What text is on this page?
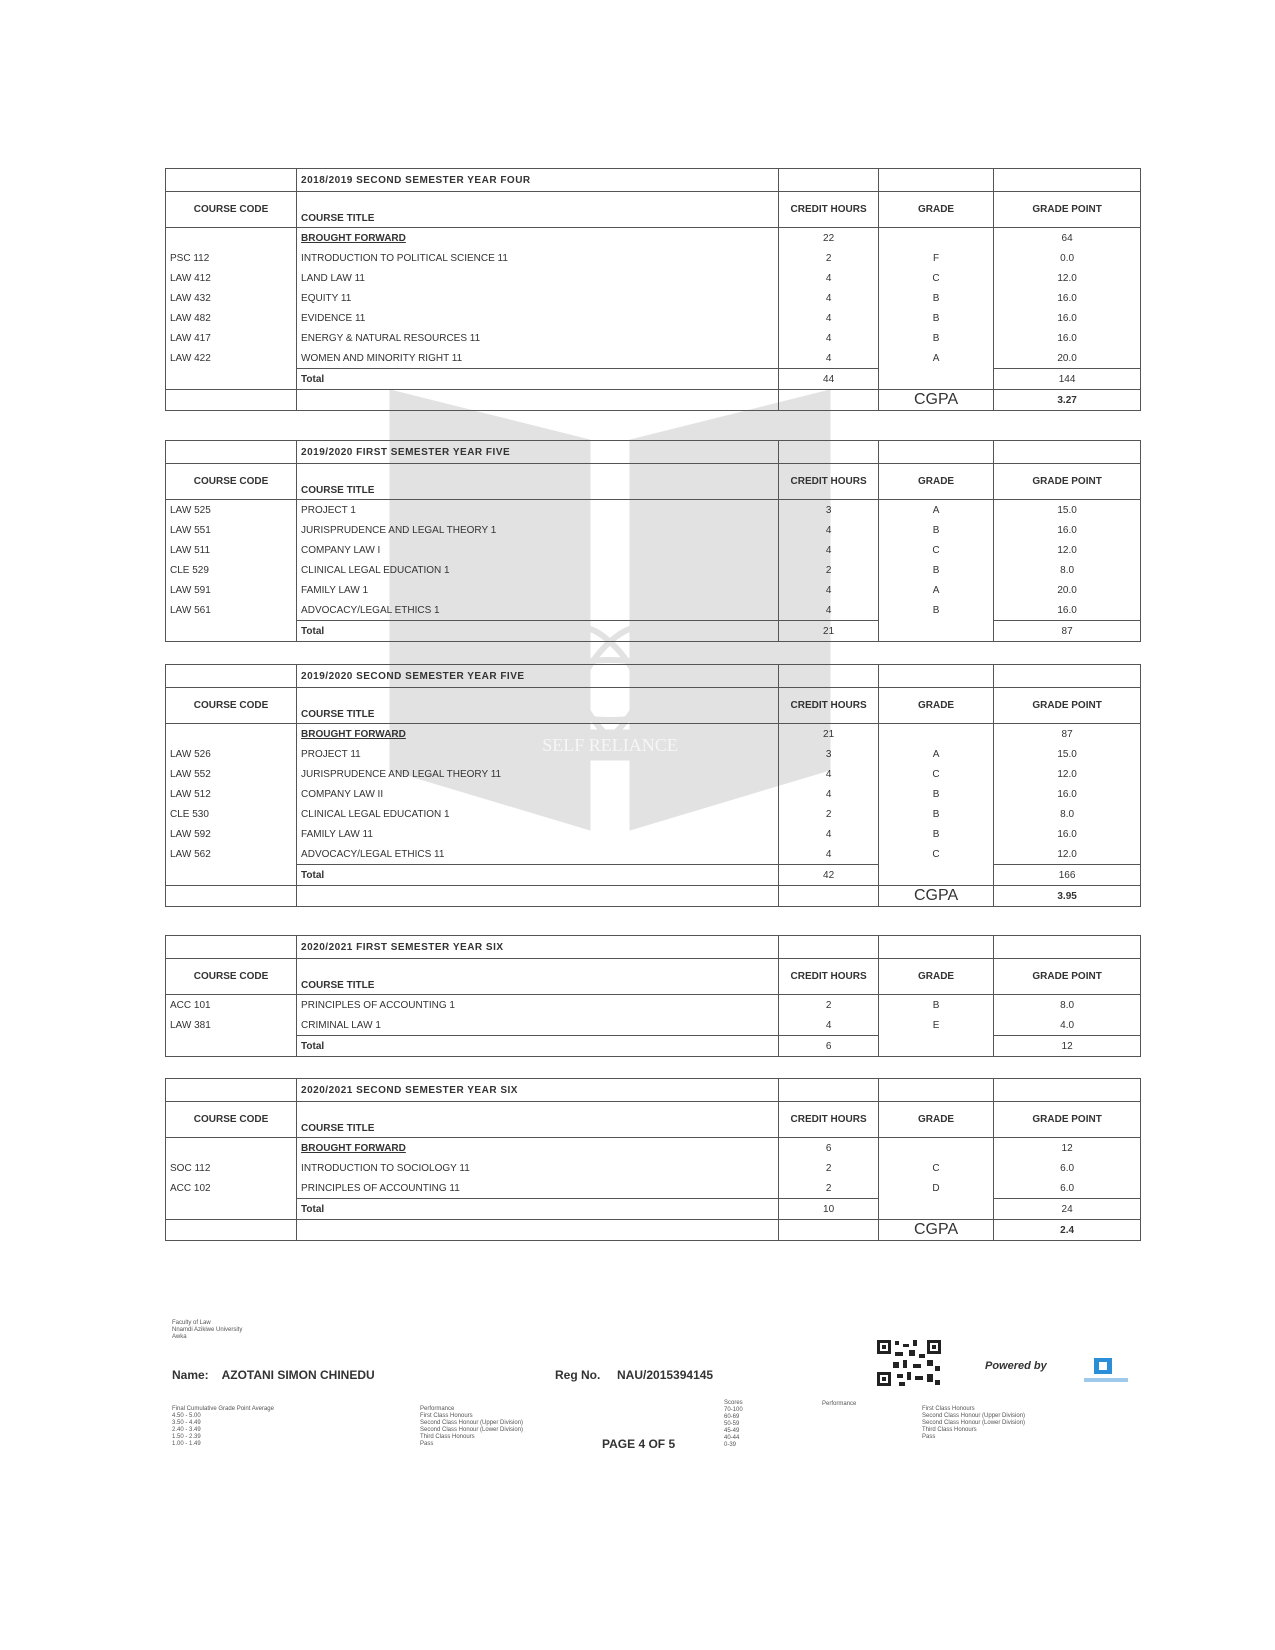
SELF RELIANCE
	2018/2019 SECOND SEMESTER YEAR FOUR			
COURSE CODE	COURSE TITLE	CREDIT HOURS	GRADE	GRADE POINT
	BROUGHT FORWARD	22		64
PSC 112	INTRODUCTION TO POLITICAL SCIENCE 11	2	F	0.0
LAW 412	LAND LAW 11	4	C	12.0
LAW 432	EQUITY 11	4	B	16.0
LAW 482	EVIDENCE 11	4	B	16.0
LAW 417	ENERGY & NATURAL RESOURCES 11	4	B	16.0
LAW 422	WOMEN AND MINORITY RIGHT 11	4	A	20.0
	Total	44		144
			CGPA	3.27
	2019/2020 FIRST SEMESTER YEAR FIVE			
COURSE CODE	COURSE TITLE	CREDIT HOURS	GRADE	GRADE POINT
LAW 525	PROJECT 1	3	A	15.0
LAW 551	JURISPRUDENCE AND LEGAL THEORY 1	4	B	16.0
LAW 511	COMPANY LAW I	4	C	12.0
CLE 529	CLINICAL LEGAL EDUCATION 1	2	B	8.0
LAW 591	FAMILY LAW 1	4	A	20.0
LAW 561	ADVOCACY/LEGAL ETHICS 1	4	B	16.0
	Total	21		87
	2019/2020 SECOND SEMESTER YEAR FIVE			
COURSE CODE	COURSE TITLE	CREDIT HOURS	GRADE	GRADE POINT
	BROUGHT FORWARD	21		87
LAW 526	PROJECT 11	3	A	15.0
LAW 552	JURISPRUDENCE AND LEGAL THEORY 11	4	C	12.0
LAW 512	COMPANY LAW II	4	B	16.0
CLE 530	CLINICAL LEGAL EDUCATION 1	2	B	8.0
LAW 592	FAMILY LAW 11	4	B	16.0
LAW 562	ADVOCACY/LEGAL ETHICS 11	4	C	12.0
	Total	42		166
			CGPA	3.95
	2020/2021 FIRST SEMESTER YEAR SIX			
COURSE CODE	COURSE TITLE	CREDIT HOURS	GRADE	GRADE POINT
ACC 101	PRINCIPLES OF ACCOUNTING 1	2	B	8.0
LAW 381	CRIMINAL LAW 1	4	E	4.0
	Total	6		12
	2020/2021 SECOND SEMESTER YEAR SIX			
COURSE CODE	COURSE TITLE	CREDIT HOURS	GRADE	GRADE POINT
	BROUGHT FORWARD	6		12
SOC 112	INTRODUCTION TO SOCIOLOGY 11	2	C	6.0
ACC 102	PRINCIPLES OF ACCOUNTING 11	2	D	6.0
	Total	10		24
			CGPA	2.4
Faculty of Law
Nnamdi Azikiwe University
Awka
Name: AZOTANI SIMON CHINEDU	Reg No. NAU/2015394145
Powered by
Final Cumulative Grade Point Average
4.50 - 5.00
3.50 - 4.49
2.40 - 3.49
1.50 - 2.39
1.00 - 1.49
Performance
First Class Honours
Second Class Honour (Upper Division)
Second Class Honour (Lower Division)
Third Class Honours
Pass	PAGE 4 OF 5
Scores
70-100
60-69
50-59
45-49
40-44
0-39
Performance
First Class Honours
Second Class Honour (Upper Division)
Second Class Honour (Lower Division)
Third Class Honours
Pass
